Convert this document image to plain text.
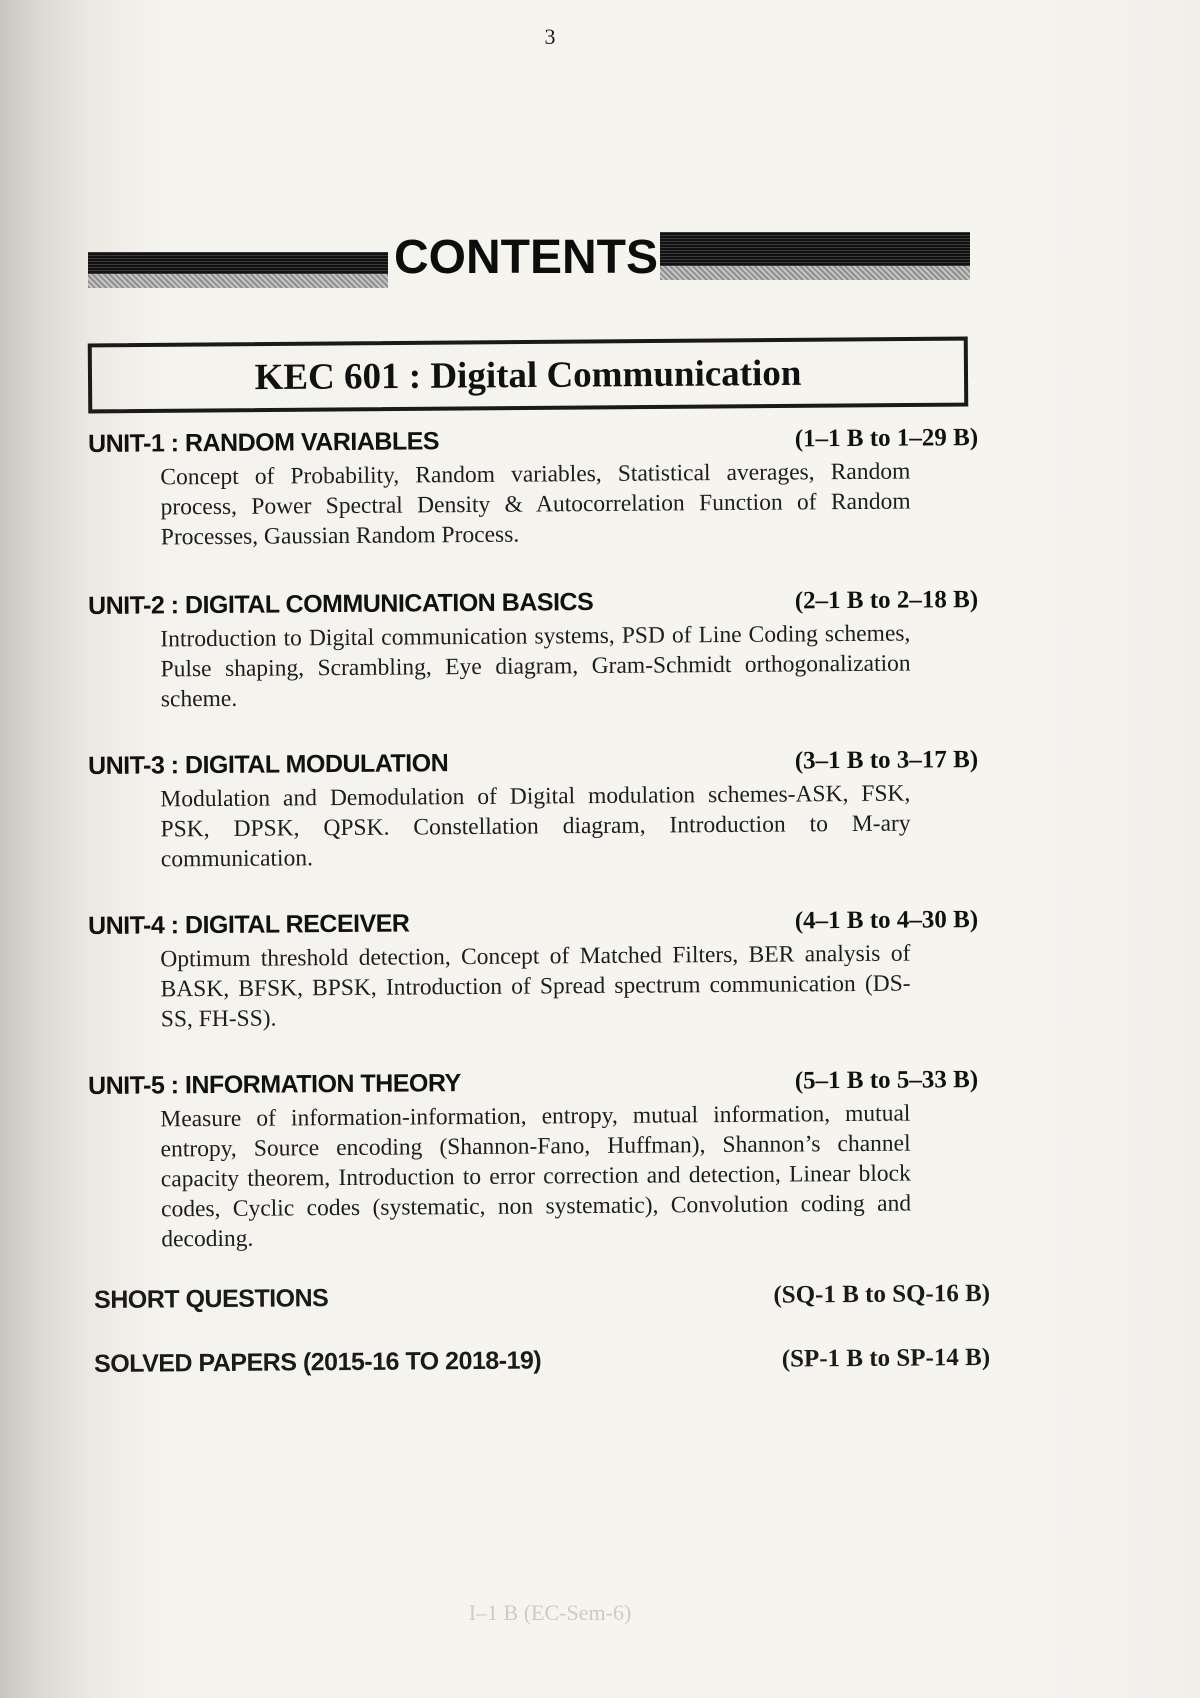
3
CONTENTS
KEC 601 : Digital Communication
UNIT-1 : RANDOM VARIABLES	(1–1 B to 1–29 B)
Concept of Probability, Random variables, Statistical averages, Random process, Power Spectral Density & Autocorrelation Function of Random Processes, Gaussian Random Process.
UNIT-2 : DIGITAL COMMUNICATION BASICS	(2–1 B to 2–18 B)
Introduction to Digital communication systems, PSD of Line Coding schemes, Pulse shaping, Scrambling, Eye diagram, Gram-Schmidt orthogonalization scheme.
UNIT-3 : DIGITAL MODULATION	(3–1 B to 3–17 B)
Modulation and Demodulation of Digital modulation schemes-ASK, FSK, PSK, DPSK, QPSK. Constellation diagram, Introduction to M-ary communication.
UNIT-4 : DIGITAL RECEIVER	(4–1 B to 4–30 B)
Optimum threshold detection, Concept of Matched Filters, BER analysis of BASK, BFSK, BPSK, Introduction of Spread spectrum communication (DS-SS, FH-SS).
UNIT-5 : INFORMATION THEORY	(5–1 B to 5–33 B)
Measure of information-information, entropy, mutual information, mutual entropy, Source encoding (Shannon-Fano, Huffman), Shannon’s channel capacity theorem, Introduction to error correction and detection, Linear block codes, Cyclic codes (systematic, non systematic), Convolution coding and decoding.
SHORT QUESTIONS	(SQ-1 B to SQ-16 B)
SOLVED PAPERS (2015-16 TO 2018-19)	(SP-1 B to SP-14 B)
I–1 B (EC-Sem-6)
